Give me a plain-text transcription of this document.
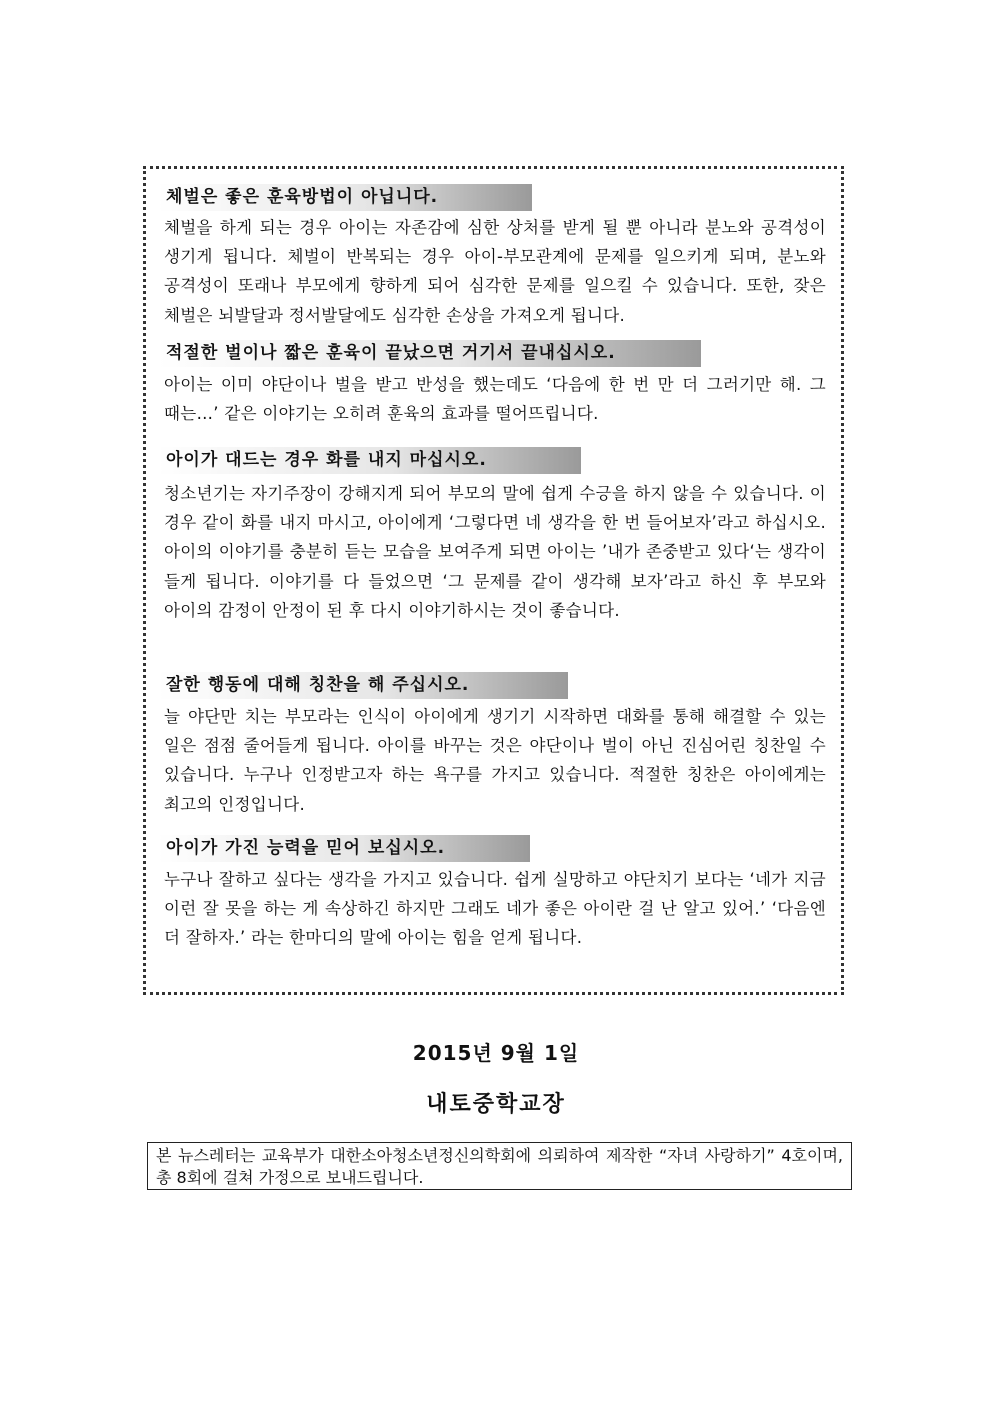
체벌은 좋은 훈육방법이 아닙니다.
체벌을 하게 되는 경우 아이는 자존감에 심한 상처를 받게 될 뿐 아니라 분노와 공격성이 생기게 됩니다. 체벌이 반복되는 경우 아이-부모관계에 문제를 일으키게 되며, 분노와 공격성이 또래나 부모에게 향하게 되어 심각한 문제를 일으킬 수 있습니다. 또한, 잦은 체벌은 뇌발달과 정서발달에도 심각한 손상을 가져오게 됩니다.
적절한 벌이나 짧은 훈육이 끝났으면 거기서 끝내십시오.
아이는 이미 야단이나 벌을 받고 반성을 했는데도 ‘다음에 한 번 만 더 그러기만 해. 그 때는…’ 같은 이야기는 오히려 훈육의 효과를 떨어뜨립니다.
아이가 대드는 경우 화를 내지 마십시오.
청소년기는 자기주장이 강해지게 되어 부모의 말에 쉽게 수긍을 하지 않을 수 있습니다. 이 경우 같이 화를 내지 마시고, 아이에게 ‘그렇다면 네 생각을 한 번 들어보자’라고 하십시오. 아이의 이야기를 충분히 듣는 모습을 보여주게 되면 아이는 ’내가 존중받고 있다‘는 생각이 들게 됩니다. 이야기를 다 들었으면 ‘그 문제를 같이 생각해 보자’라고 하신 후 부모와 아이의 감정이 안정이 된 후 다시 이야기하시는 것이 좋습니다.
잘한 행동에 대해 칭찬을 해 주십시오.
늘 야단만 치는 부모라는 인식이 아이에게 생기기 시작하면 대화를 통해 해결할 수 있는 일은 점점 줄어들게 됩니다. 아이를 바꾸는 것은 야단이나 벌이 아닌 진심어린 칭찬일 수 있습니다. 누구나 인정받고자 하는 욕구를 가지고 있습니다. 적절한 칭찬은 아이에게는 최고의 인정입니다.
아이가 가진 능력을 믿어 보십시오.
누구나 잘하고 싶다는 생각을 가지고 있습니다. 쉽게 실망하고 야단치기 보다는 ‘네가 지금 이런 잘 못을 하는 게 속상하긴 하지만 그래도 네가 좋은 아이란 걸 난 알고 있어.’ ‘다음엔 더 잘하자.’ 라는 한마디의 말에 아이는 힘을 얻게 됩니다.
2015년 9월 1일
내토중학교장
본 뉴스레터는 교육부가 대한소아청소년정신의학회에 의뢰하여 제작한 “자녀 사랑하기” 4호이며, 총 8회에 걸쳐 가정으로 보내드립니다.
